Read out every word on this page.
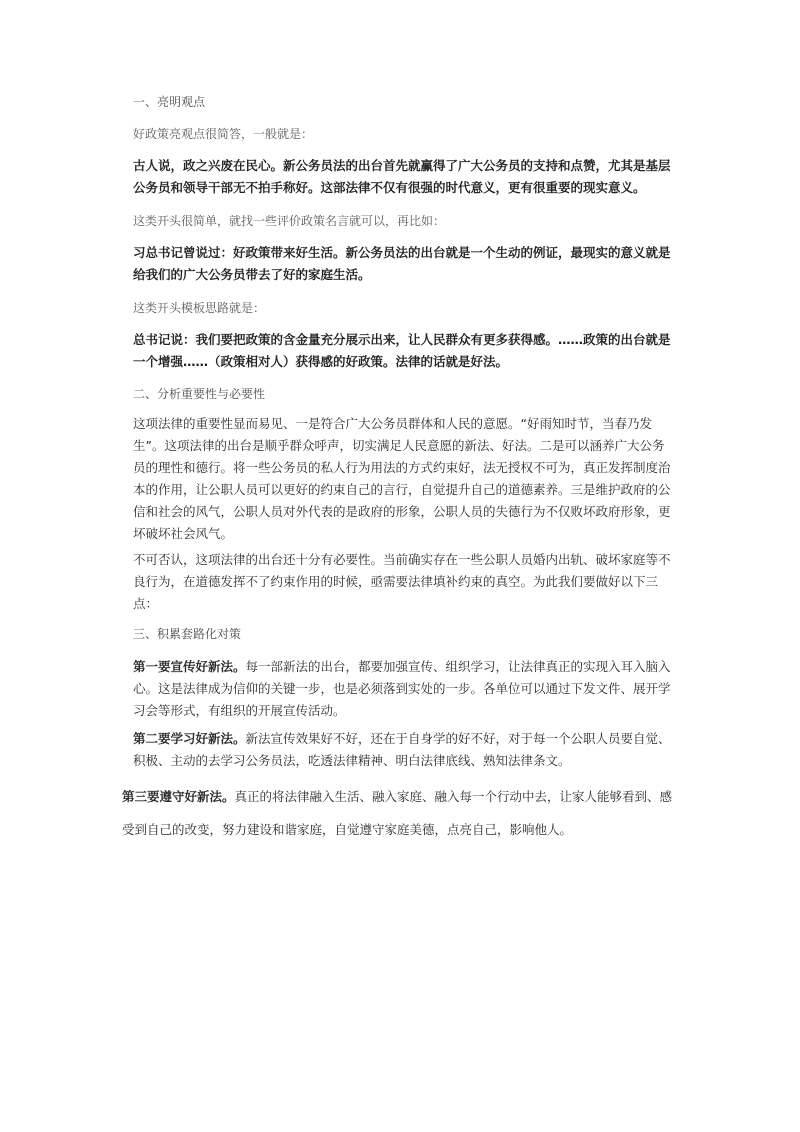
一、亮明观点

好政策亮观点很简答，一般就是：

古人说，政之兴废在民心。新公务员法的出台首先就赢得了广大公务员的支持和点赞，尤其是基层公务员和领导干部无不拍手称好。这部法律不仅有很强的时代意义，更有很重要的现实意义。

这类开头很简单，就找一些评价政策名言就可以，再比如：

习总书记曾说过：好政策带来好生活。新公务员法的出台就是一个生动的例证，最现实的意义就是给我们的广大公务员带去了好的家庭生活。

这类开头模板思路就是：

总书记说：我们要把政策的含金量充分展示出来，让人民群众有更多获得感。……政策的出台就是一个增强……（政策相对人）获得感的好政策。法律的话就是好法。

二、分析重要性与必要性

这项法律的重要性显而易见、一是符合广大公务员群体和人民的意愿。“好雨知时节，当春乃发生”。这项法律的出台是顺乎群众呼声，切实满足人民意愿的新法、好法。二是可以涵养广大公务员的理性和德行。将一些公务员的私人行为用法的方式约束好，法无授权不可为，真正发挥制度治本的作用，让公职人员可以更好的约束自己的言行，自觉提升自己的道德素养。三是维护政府的公信和社会的风气，公职人员对外代表的是政府的形象，公职人员的失德行为不仅败坏政府形象，更坏破坏社会风气。

不可否认，这项法律的出台还十分有必要性。当前确实存在一些公职人员婚内出轨、破坏家庭等不良行为，在道德发挥不了约束作用的时候，亟需要法律填补约束的真空。为此我们要做好以下三点：

三、积累套路化对策

第一要宣传好新法。每一部新法的出台，都要加强宣传、组织学习，让法律真正的实现入耳入脑入心。这是法律成为信仰的关键一步，也是必须落到实处的一步。各单位可以通过下发文件、展开学习会等形式，有组织的开展宣传活动。

第二要学习好新法。新法宣传效果好不好，还在于自身学的好不好，对于每一个公职人员要自觉、积极、主动的去学习公务员法，吃透法律精神、明白法律底线、熟知法律条文。

第三要遵守好新法。真正的将法律融入生活、融入家庭、融入每一个行动中去，让家人能够看到、感受到自己的改变，努力建设和谐家庭，自觉遵守家庭美德，点亮自己，影响他人。
